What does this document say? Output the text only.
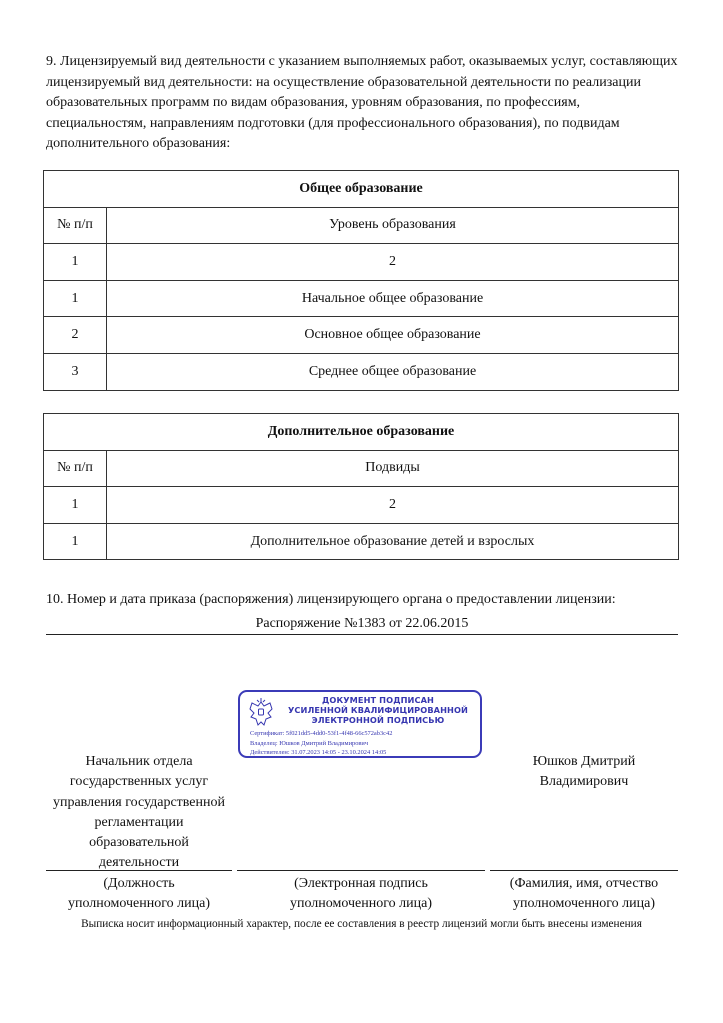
9. Лицензируемый вид деятельности с указанием выполняемых работ, оказываемых услуг, составляющих лицензируемый вид деятельности: на осуществление образовательной деятельности по реализации образовательных программ по видам образования, уровням образования, по профессиям, специальностям, направлениям подготовки (для профессионального образования), по подвидам дополнительного образования:

Общее образование	
№ п/п	Уровень образования
1	2
1	Начальное общее образование
2	Основное общее образование
3	Среднее общее образование
Дополнительное образование	
№ п/п	Подвиды
1	2
1	Дополнительное образование детей и взрослых
10. Номер и дата приказа (распоряжения) лицензирующего органа о предоставлении лицензии:
Распоряжение №1383 от 22.06.2015
ДОКУМЕНТ ПОДПИСАН
УСИЛЕННОЙ КВАЛИФИЦИРОВАННОЙ
ЭЛЕКТРОННОЙ ПОДПИСЬЮ
Сертификат: 5f021dd5-4dd0-53f1-4f48-66c572ab3c42
Владелец: Юшков Дмитрий Владимирович
Действителен: 31.07.2023 14:05 - 23.10.2024 14:05
Начальник отдела
государственных услуг
управления государственной
регламентации
образовательной
деятельности
Юшков Дмитрий
Владимирович
(Должность
уполномоченного лица)
(Электронная подпись
уполномоченного лица)
(Фамилия, имя, отчество
уполномоченного лица)
Выписка носит информационный характер, после ее составления в реестр лицензий могли быть внесены изменения
